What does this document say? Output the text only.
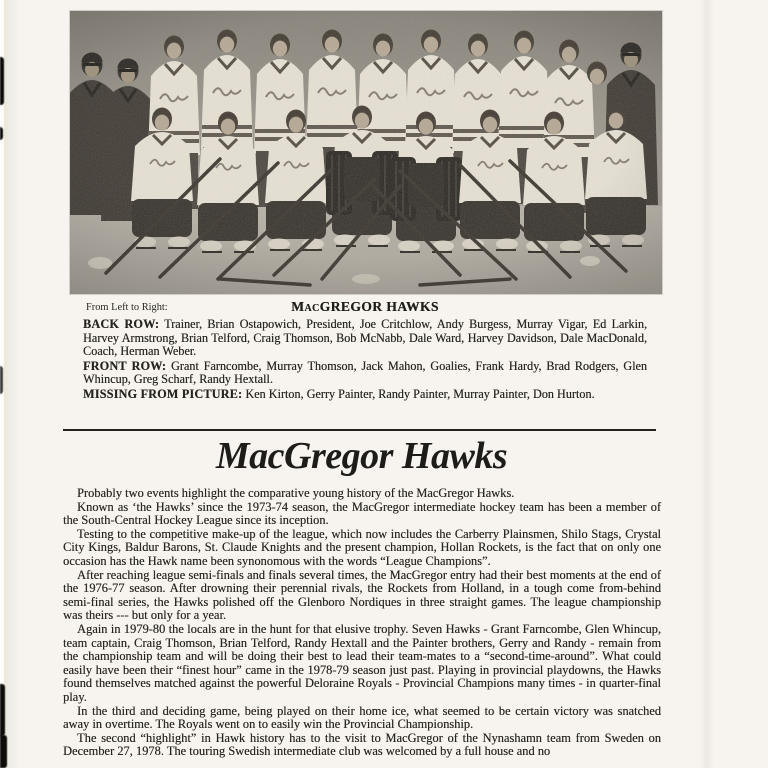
From Left to Right:	MacGREGOR HAWKS

BACK ROW: Trainer, Brian Ostapowich, President, Joe Critchlow, Andy Burgess, Murray Vigar, Ed Larkin, Harvey Armstrong, Brian Telford, Craig Thomson, Bob McNabb, Dale Ward, Harvey Davidson, Dale MacDonald, Coach, Herman Weber.

FRONT ROW: Grant Farncombe, Murray Thomson, Jack Mahon, Goalies, Frank Hardy, Brad Rodgers, Glen Whincup, Greg Scharf, Randy Hextall.

MISSING FROM PICTURE: Ken Kirton, Gerry Painter, Randy Painter, Murray Painter, Don Hurton.

MacGregor Hawks

Probably two events highlight the comparative young history of the MacGregor Hawks.

Known as ‘the Hawks’ since the 1973-74 season, the MacGregor intermediate hockey team has been a member of the South-Central Hockey League since its inception.

Testing to the competitive make-up of the league, which now includes the Carberry Plainsmen, Shilo Stags, Crystal City Kings, Baldur Barons, St. Claude Knights and the present champion, Hollan Rockets, is the fact that on only one occasion has the Hawk name been synonomous with the words “League Champions”.

After reaching league semi-finals and finals several times, the MacGregor entry had their best moments at the end of the 1976-77 season. After drowning their perennial rivals, the Rockets from Holland, in a tough come from-behind semi-final series, the Hawks polished off the Glenboro Nordiques in three straight games. The league championship was theirs --- but only for a year.

Again in 1979-80 the locals are in the hunt for that elusive trophy. Seven Hawks - Grant Farncombe, Glen Whincup, team captain, Craig Thomson, Brian Telford, Randy Hextall and the Painter brothers, Gerry and Randy - remain from the championship team and will be doing their best to lead their team-mates to a “second-time-around”. What could easily have been their “finest hour” came in the 1978-79 season just past. Playing in provincial playdowns, the Hawks found themselves matched against the powerful Deloraine Royals - Provincial Champions many times - in quarter-final play.

In the third and deciding game, being played on their home ice, what seemed to be certain victory was snatched away in overtime. The Royals went on to easily win the Provincial Championship.

The second “highlight” in Hawk history has to the visit to MacGregor of the Nynashamn team from Sweden on December 27, 1978. The touring Swedish intermediate club was welcomed by a full house and no
